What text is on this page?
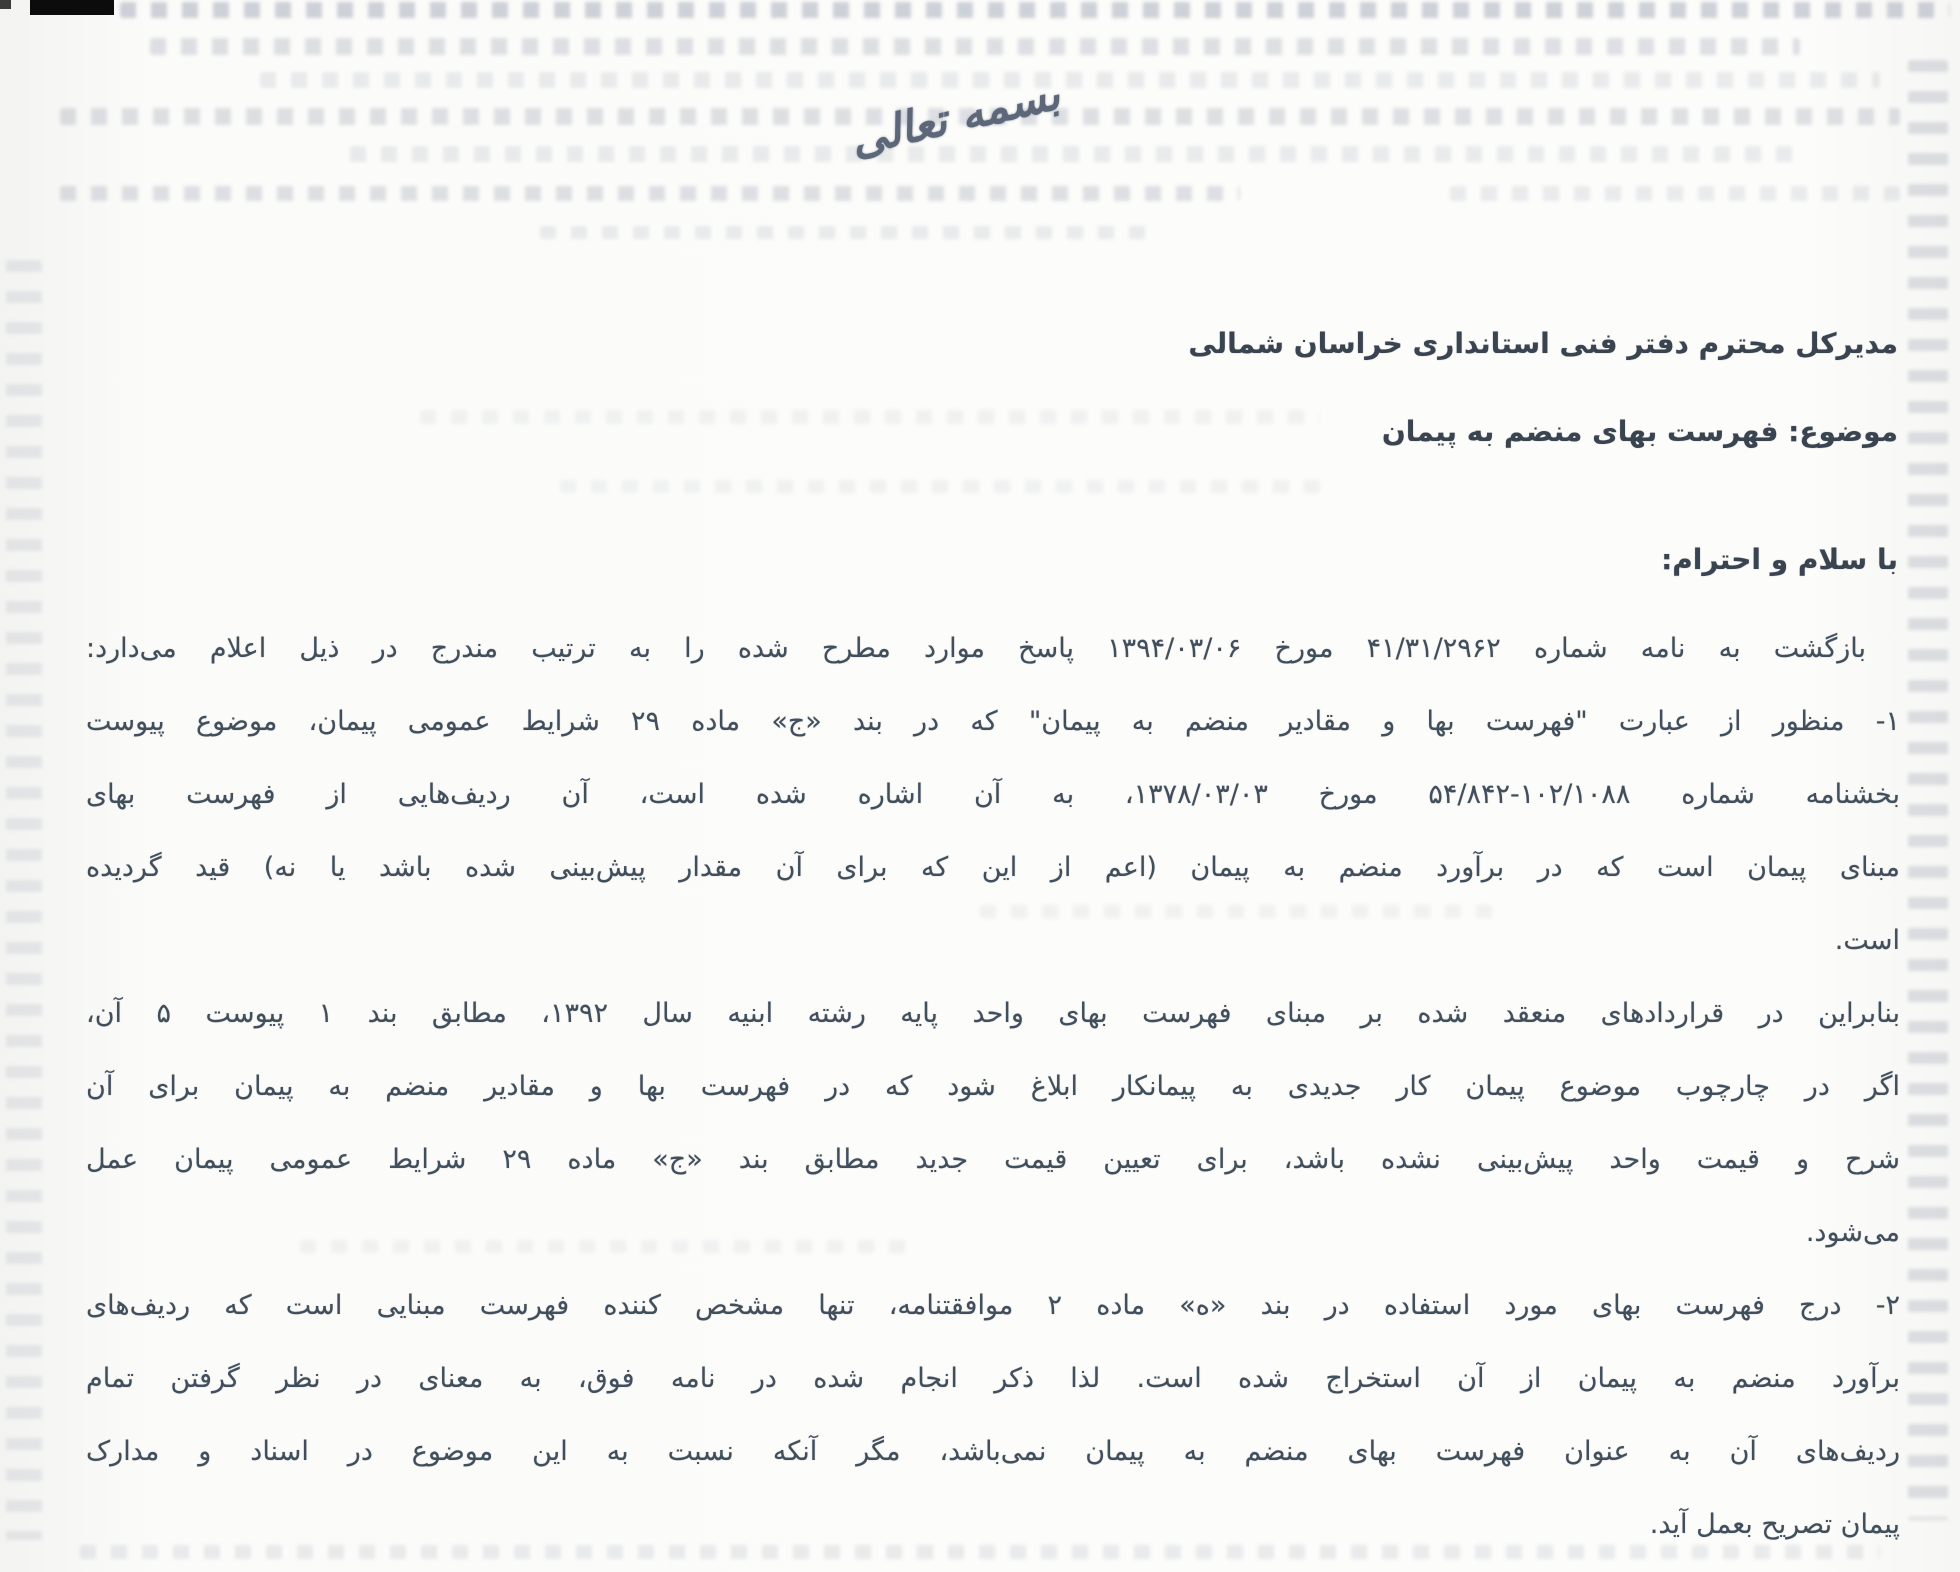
بسمه تعالی
مدیرکل محترم دفتر فنی استانداری خراسان شمالی
موضوع: فهرست بهای منضم به پیمان
با سلام و احترام:
بازگشت به نامه شماره ۴۱/۳۱/۲۹۶۲ مورخ ۱۳۹۴/۰۳/۰۶ پاسخ موارد مطرح شده را به ترتیب مندرج در ذیل اعلام می‌دارد:
۱- منظور از عبارت "فهرست بها و مقادیر منضم به پیمان" که در بند «ج» ماده ۲۹ شرایط عمومی پیمان، موضوع پیوست
بخشنامه شماره ۱۰۲/۱۰۸۸-۵۴/۸۴۲ مورخ ۱۳۷۸/۰۳/۰۳، به آن اشاره شده است، آن ردیف‌هایی از فهرست بهای
مبنای پیمان است که در برآورد منضم به پیمان (اعم از این که برای آن مقدار پیش‌بینی شده باشد یا نه) قید گردیده
است.
بنابراین در قراردادهای منعقد شده بر مبنای فهرست بهای واحد پایه رشته ابنیه سال ۱۳۹۲، مطابق بند ۱ پیوست ۵ آن،
اگر در چارچوب موضوع پیمان کار جدیدی به پیمانکار ابلاغ شود که در فهرست بها و مقادیر منضم به پیمان برای آن
شرح و قیمت واحد پیش‌بینی نشده باشد، برای تعیین قیمت جدید مطابق بند «ج» ماده ۲۹ شرایط عمومی پیمان عمل
می‌شود.
۲- درج فهرست بهای مورد استفاده در بند «ه» ماده ۲ موافقتنامه، تنها مشخص کننده فهرست مبنایی است که ردیف‌های
برآورد منضم به پیمان از آن استخراج شده است. لذا ذکر انجام شده در نامه فوق، به معنای در نظر گرفتن تمام
ردیف‌های آن به عنوان فهرست بهای منضم به پیمان نمی‌باشد، مگر آنکه نسبت به این موضوع در اسناد و مدارک
پیمان تصریح بعمل آید.
